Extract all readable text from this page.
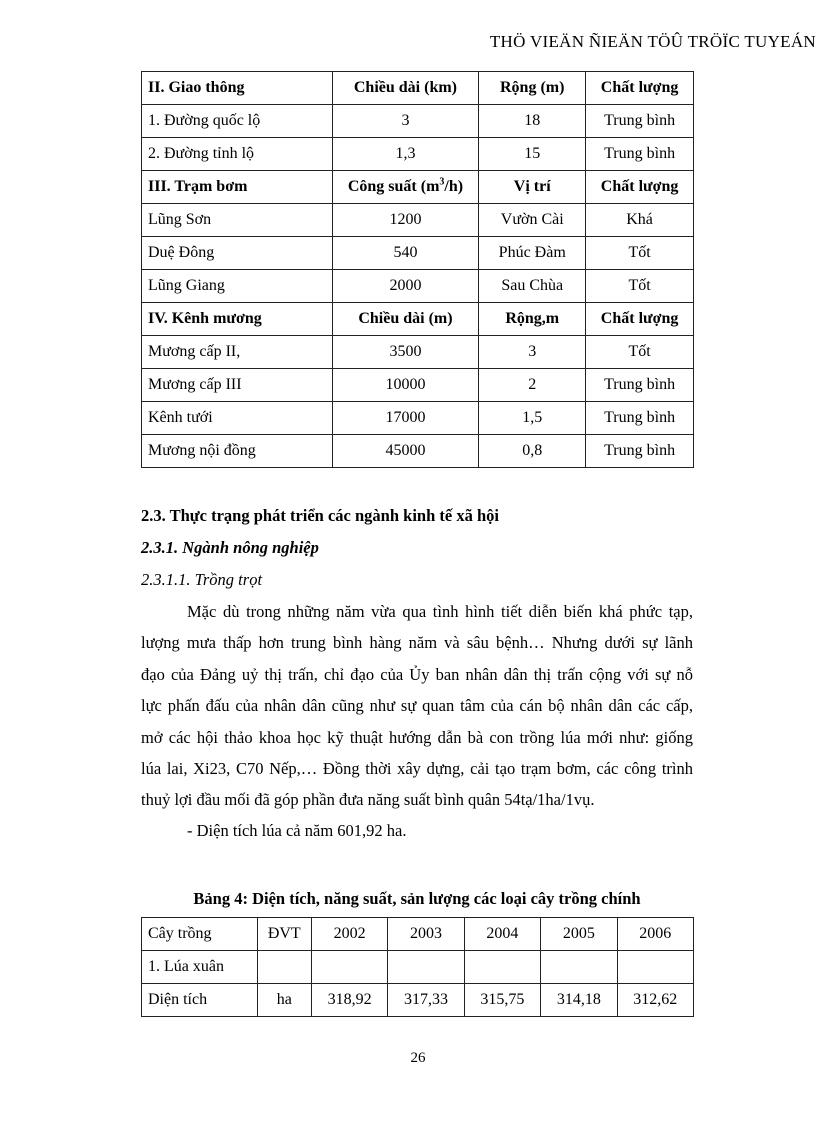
THÖ VIEÄN ÑIEÄN TÖÛ TRÖÏC TUYEÁN
II. Giao thông	Chiều dài (km)	Rộng (m)	Chất lượng
1. Đường quốc lộ	3	18	Trung bình
2. Đường tỉnh lộ	1,3	15	Trung bình
III. Trạm bơm	Công suất $(m^3/h)$	Vị trí	Chất lượng
Lũng Sơn	1200	Vườn Cài	Khá
Duệ Đông	540	Phúc Đàm	Tốt
Lũng Giang	2000	Sau Chùa	Tốt
IV. Kênh mương	Chiều dài (m)	Rộng,m	Chất lượng
Mương cấp II,	3500	3	Tốt
Mương cấp III	10000	2	Trung bình
Kênh tưới	17000	1,5	Trung bình
Mương nội đồng	45000	0,8	Trung bình
2.3. Thực trạng phát triển các ngành kinh tế xã hội
2.3.1. Ngành nông nghiệp
2.3.1.1. Trồng trọt

Mặc dù trong những năm vừa qua tình hình tiết diễn biến khá phức tạp,
lượng mưa thấp hơn trung bình hàng năm và sâu bệnh… Nhưng dưới sự lãnh
đạo của Đảng uỷ thị trấn, chỉ đạo của Ủy ban nhân dân thị trấn cộng với sự nỗ
lực phấn đấu của nhân dân cũng như sự quan tâm của cán bộ nhân dân các cấp,
mở các hội thảo khoa học kỹ thuật hướng dẫn bà con trồng lúa mới như: giống
lúa lai, Xi23, C70 Nếp,… Đồng thời xây dựng, cải tạo trạm bơm, các công trình
thuỷ lợi đầu mối đã góp phần đưa năng suất bình quân 54tạ/1ha/1vụ.

- Diện tích lúa cả năm 601,92 ha.
Bảng 4: Diện tích, năng suất, sản lượng các loại cây trồng chính
Cây trồng	ĐVT	2002	2003	2004	2005	2006
1. Lúa xuân						
Diện tích	ha	318,92	317,33	315,75	314,18	312,62
26
